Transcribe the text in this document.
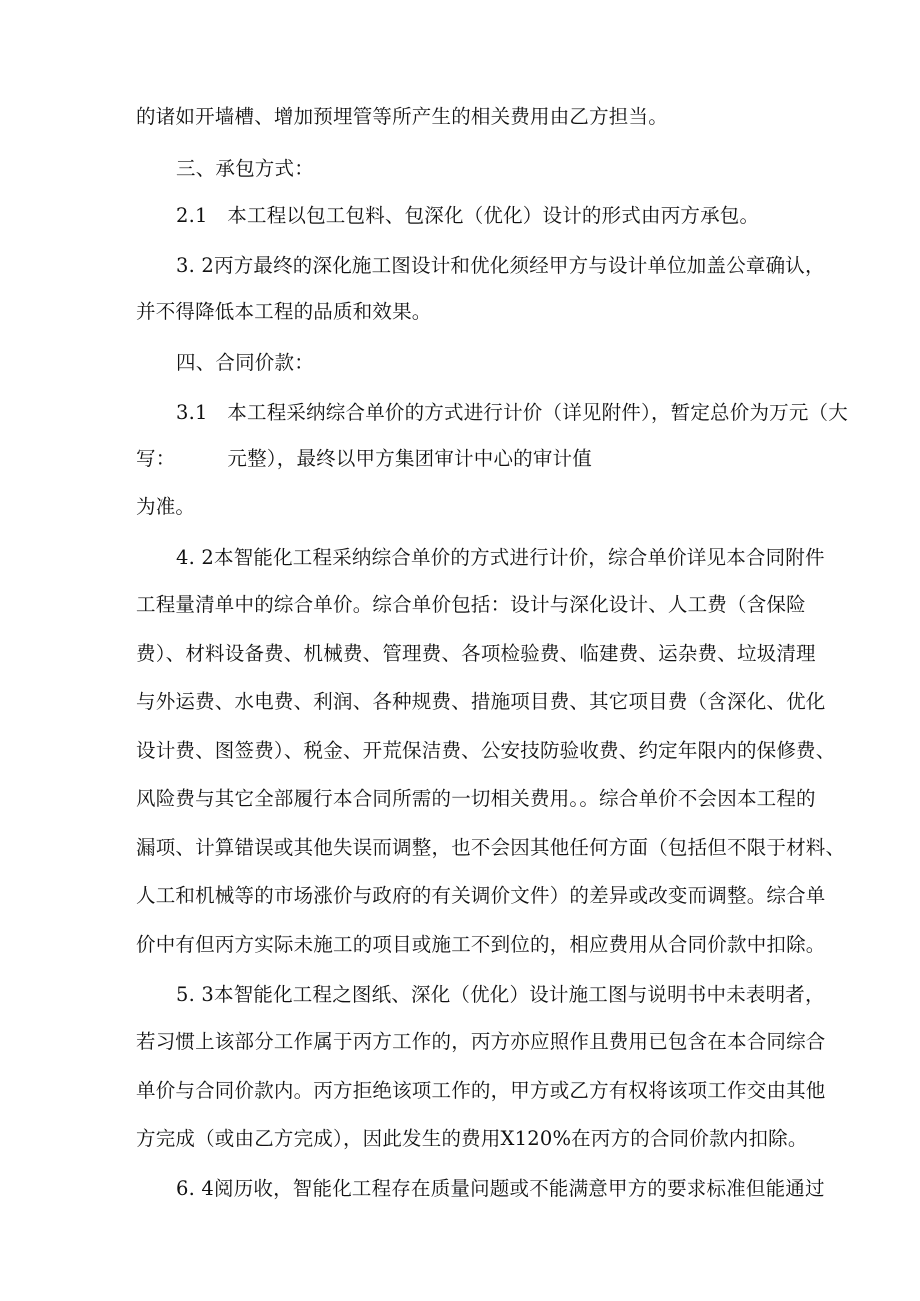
的诸如开墙槽、增加预埋管等所产生的相关费用由乙方担当。

三、承包方式：

2.1　本工程以包工包料、包深化（优化）设计的形式由丙方承包。

3. 2丙方最终的深化施工图设计和优化须经甲方与设计单位加盖公章确认，

并不得降低本工程的品质和效果。

四、合同价款：

3.1　本工程采纳综合单价的方式进行计价（详见附件），暂定总价为万元（大

写：	元整），最终以甲方集团审计中心的审计值

为准。

4. 2本智能化工程采纳综合单价的方式进行计价，综合单价详见本合同附件

工程量清单中的综合单价。综合单价包括：设计与深化设计、人工费（含保险

费）、材料设备费、机械费、管理费、各项检验费、临建费、运杂费、垃圾清理

与外运费、水电费、利润、各种规费、措施项目费、其它项目费（含深化、优化

设计费、图签费）、税金、开荒保洁费、公安技防验收费、约定年限内的保修费、

风险费与其它全部履行本合同所需的一切相关费用。。综合单价不会因本工程的

漏项、计算错误或其他失误而调整，也不会因其他任何方面（包括但不限于材料、

人工和机械等的市场涨价与政府的有关调价文件）的差异或改变而调整。综合单

价中有但丙方实际未施工的项目或施工不到位的，相应费用从合同价款中扣除。

5. 3本智能化工程之图纸、深化（优化）设计施工图与说明书中未表明者，

若习惯上该部分工作属于丙方工作的，丙方亦应照作且费用已包含在本合同综合

单价与合同价款内。丙方拒绝该项工作的，甲方或乙方有权将该项工作交由其他

方完成（或由乙方完成），因此发生的费用X120%在丙方的合同价款内扣除。

6. 4阅历收，智能化工程存在质量问题或不能满意甲方的要求标准但能通过
